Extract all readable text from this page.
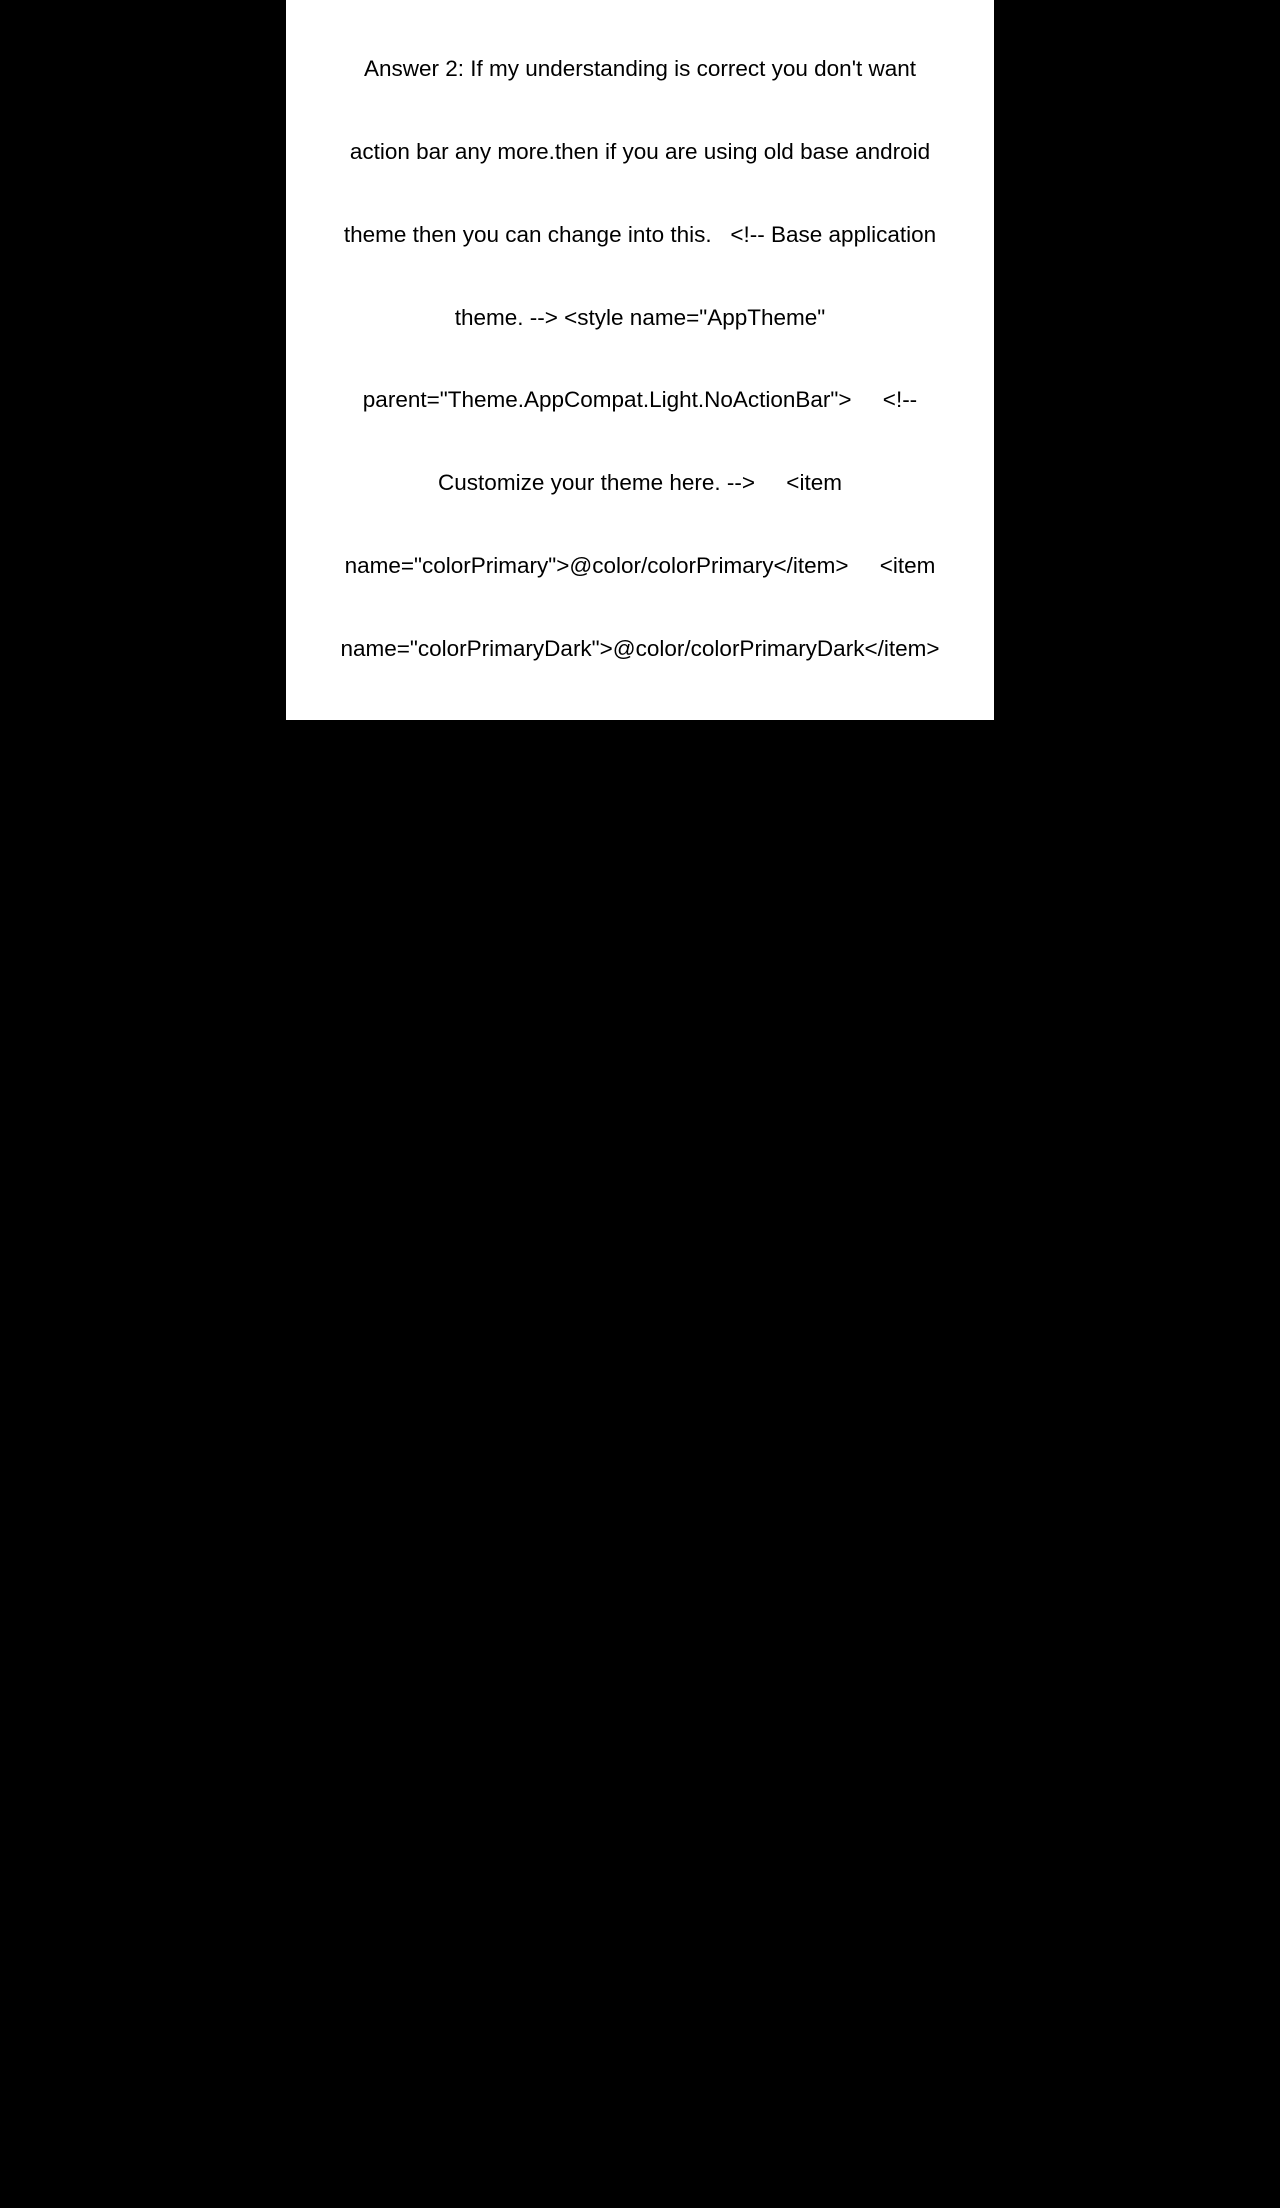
Answer 2: If my understanding is correct you don't want

action bar any more.then if you are using old base android

theme then you can change into this.   <!-- Base application

theme. --> <style name="AppTheme"

parent="Theme.AppCompat.Light.NoActionBar">     <!--

Customize your theme here. -->     <item

name="colorPrimary">@color/colorPrimary</item>     <item

name="colorPrimaryDark">@color/colorPrimaryDark</item>

<item name="colorAccent">@color/colorAccent</item> </style>

or if you using new material design then you can change

into.  <!-- Base application theme. --> <style

name="Theme.TextOverlayDemo"

parent="Theme.MaterialComponents.DayNight.NoActionBar">

<!-- Primary brand color. -->     <item

name="colorPrimary">@color/purple_500</item>     <item

name="colorPrimaryVariant">@color/purple_700</item>

<item name="colorOnPrimary">@color/white</item>     <!--

Secondary brand color. -->     <item

name="colorSecondary">@color/teal_200</item>     <item

name="colorSecondaryVariant">@color/teal_700</item>

<item name="colorOnSecondary">@color/black</item>     <!--

Status bar color. -->     <item

name="android:statusBarColor"

tools:targetApi="l">?attr/colorPrimaryVariant</item>

<!-- Customize your theme here. --> </style>  Thank you,

feel free to ask doubts.
